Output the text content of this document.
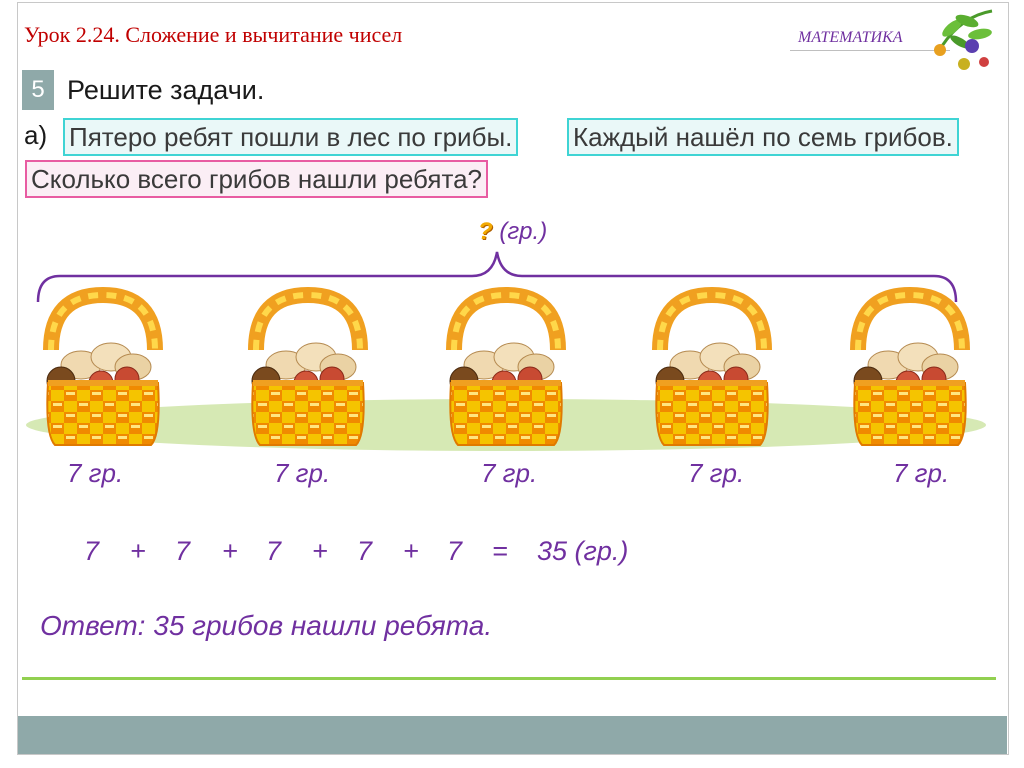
Урок 2.24. Сложение и вычитание чисел	МАТЕМАТИКА
5 Решите задачи.
а) Пятеро ребят пошли в лес по грибы. Каждый нашёл по семь грибов.
Сколько всего грибов нашли ребята?
? (гр.)
7 гр.	7 гр.	7 гр.	7 гр.	7 гр.
7 + 7 + 7 + 7 + 7 = 35 (гр.)
Ответ: 35 грибов нашли ребята.
